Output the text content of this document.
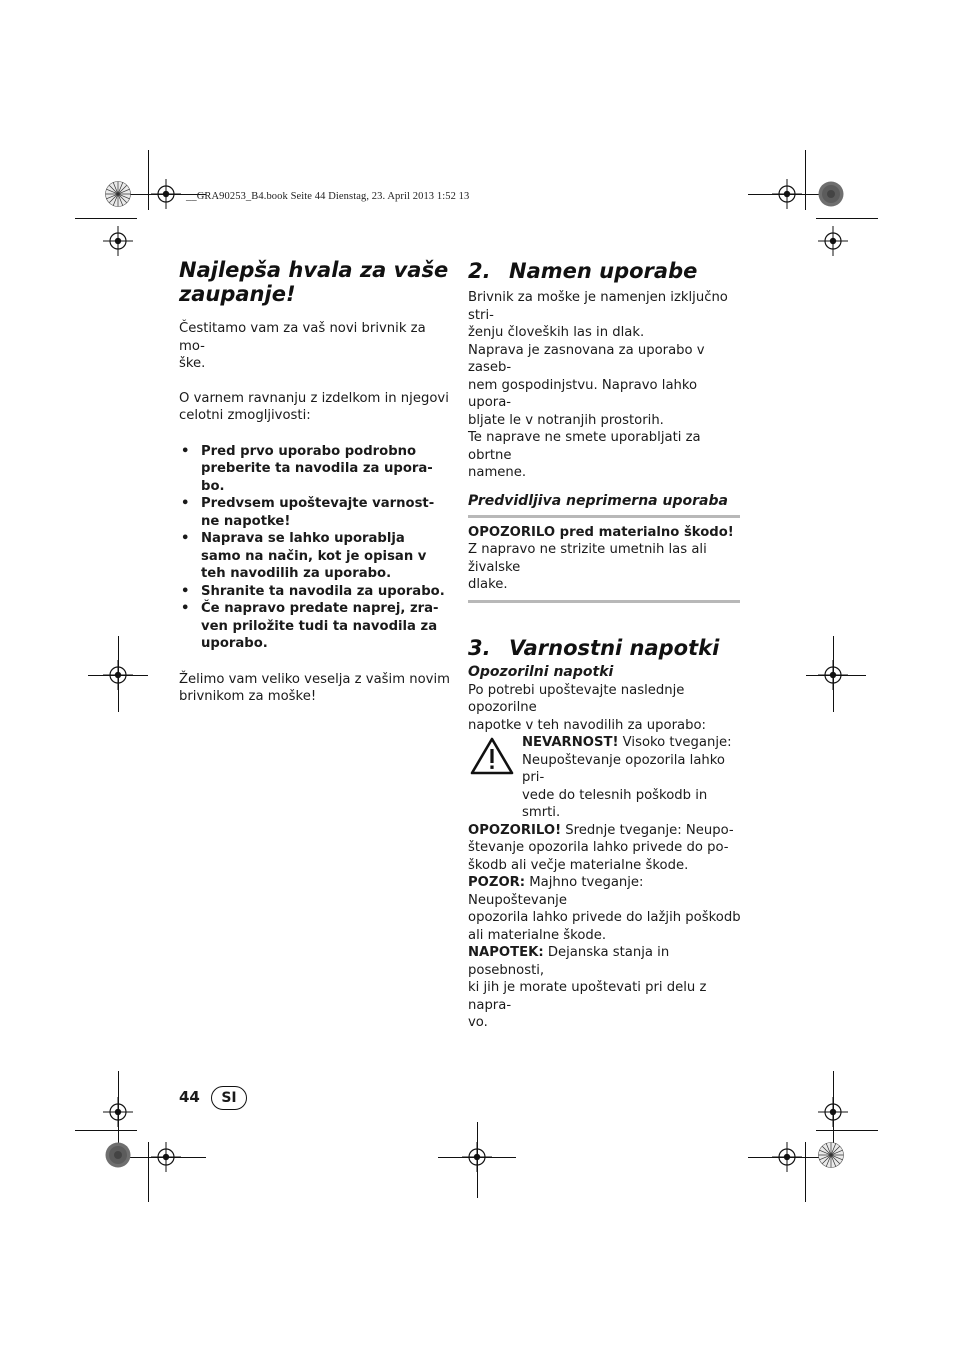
__GRA90253_B4.book Seite 44 Dienstag, 23. April 2013 1:52 13
Najlepša hvala za vaše
zaupanje!

Čestitamo vam za vaš novi brivnik za mo-
ške.

O varnem ravnanju z izdelkom in njegovi
celotni zmogljivosti:

• Pred prvo uporabo podrobno
preberite ta navodila za upora-
bo.
• Predvsem upoštevajte varnost-
ne napotke!
• Naprava se lahko uporablja
samo na način, kot je opisan v
teh navodilih za uporabo.
• Shranite ta navodila za uporabo.
• Če napravo predate naprej, zra-
ven priložite tudi ta navodila za
uporabo.

Želimo vam veliko veselja z vašim novim
brivnikom za moške!

2. Namen uporabe

Brivnik za moške je namenjen izključno stri-
ženju človeških las in dlak.
Naprava je zasnovana za uporabo v zaseb-
nem gospodinjstvu. Napravo lahko upora-
bljate le v notranjih prostorih.
Te naprave ne smete uporabljati za obrtne
namene.

Predvidljiva neprimerna uporaba

OPOZORILO pred materialno škodo!

Z napravo ne strizite umetnih las ali živalske
dlake.

3. Varnostni napotki
Opozorilni napotki

Po potrebi upoštevajte naslednje opozorilne
napotke v teh navodilih za uporabo:

NEVARNOST! Visoko tveganje:
Neupoštevanje opozorila lahko pri-
vede do telesnih poškodb in smrti.

OPOZORILO! Srednje tveganje: Neupo-
števanje opozorila lahko privede do po-
škodb ali večje materialne škode.

POZOR: Majhno tveganje: Neupoštevanje
opozorila lahko privede do lažjih poškodb
ali materialne škode.

NAPOTEK: Dejanska stanja in posebnosti,
ki jih je morate upoštevati pri delu z naprа-
vo.

44	SI
